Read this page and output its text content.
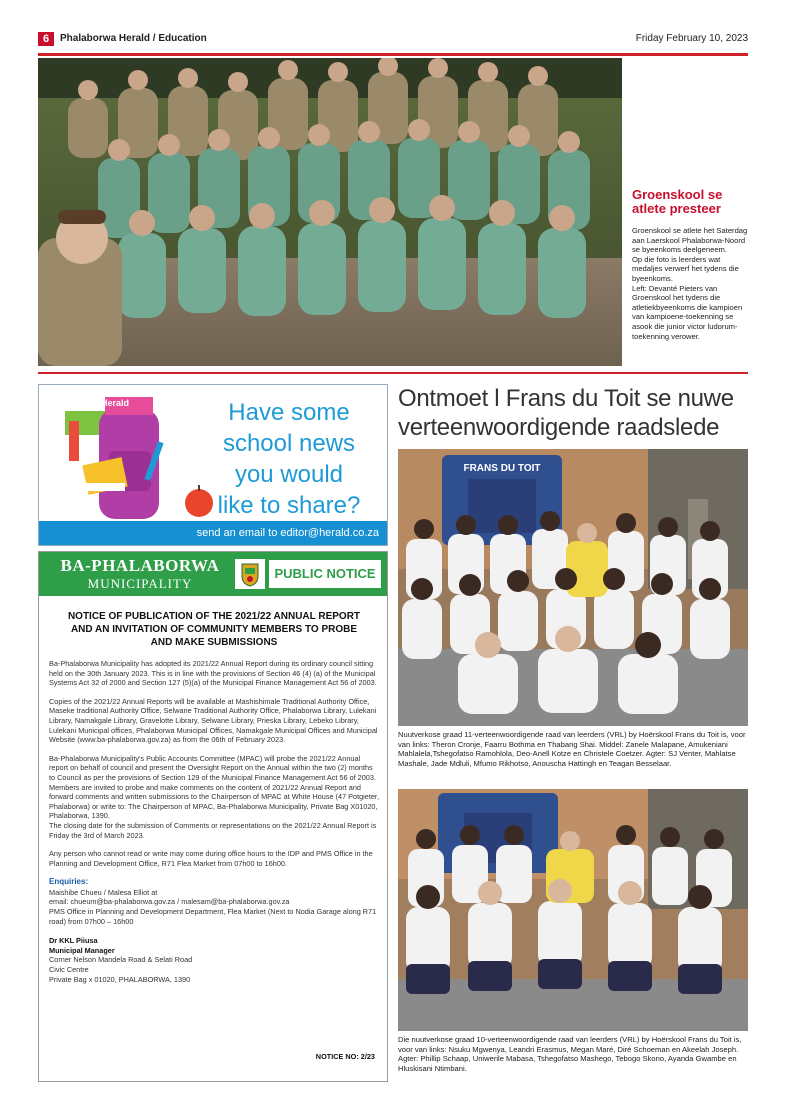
6	Phalaborwa Herald / Education	Friday February 10, 2023
Groenskool se
atlete presteer

Groenskool se atlete het Saterdag aan Laerskool Phalaborwa-Noord se byeenkoms deelgeneem.
Op die foto is leerders wat medaljes verwerf het tydens die byeenkoms.
Left: Devanté Pieters van Groenskool het tydens die atletiekbyeenkoms die kampioen van kampioene-toekenning se asook die junior victor ludorum-toekenning verower.

Herald	Have some
school news
you would
like to share?
send an email to editor@herald.co.za
BA-PHALABORWA
MUNICIPALITY
PUBLIC NOTICE
NOTICE OF PUBLICATION OF THE 2021/22 ANNUAL REPORT
AND AN INVITATION OF COMMUNITY MEMBERS TO PROBE
AND MAKE SUBMISSIONS

Ba-Phalaborwa Municipality has adopted its 2021/22 Annual Report during its ordinary council sitting held on the 30th January 2023. This is in line with the provisions of Section 46 (4) (a) of the Municipal Systems Act 32 of 2000 and Section 127 (5)(a) of the Municipal Finance Management Act 56 of 2003.

Copies of the 2021/22 Annual Reports will be available at Mashishimale Traditional Authority Office, Maseke traditional Authority Office, Selwane Traditional Authority Office, Phalaborwa Library, Lulekani Library, Namakgale Library, Gravelotte Library, Selwane Library, Prieska Library, Lebeko Library, Lulekani Municipal offices, Phalaborwa Municipal Offices, Namakgale Municipal Offices and Municipal Website (www.ba-phalaborwa.gov.za) as from the 06th of February 2023.

Ba-Phalaborwa Municipality's Public Accounts Committee (MPAC) will probe the 2021/22 Annual report on behalf of council and present the Oversight Report on the Annual within the two (2) months to Council as per the provisions of Section 129 of the Municipal Finance Management Act 56 of 2003.

Members are invited to probe and make comments on the content of 2021/22 Annual Report and forward comments and written submissions to the Chairperson of MPAC at White House (47 Potgieter, Phalaborwa) or write to: The Chairperson of MPAC, Ba-Phalaborwa Municipality, Private Bag X01020, Phalaborwa, 1390.

The closing date for the submission of Comments or representations on the 2021/22 Annual Report is Friday the 3rd of March 2023.

Any person who cannot read or write may come during office hours to the IDP and PMS Office in the Planning and Development Office, R71 Flea Market from 07h00 to 16h00.

Enquiries:
Maishibe Chueu / Malesa Elliot at
email: chueum@ba-phalaborwa.gov.za / malesam@ba-phalaborwa.gov.za
PMS Office in Planning and Development Department, Flea Market (Next to Nodia Garage along R71 road) from 07h00 – 16h00
Dr KKL Piiusa
Municipal Manager
Corner Nelson Mandela Road & Selati Road
Civic Centre
Private Bag x 01020, PHALABORWA, 1390
NOTICE NO: 2/23
Ontmoet l Frans du Toit se nuwe
verteenwoordigende raadslede
FRANS DU TOIT
Nuutverkose graad 11-verteenwoordigende raad van leerders (VRL) by Hoërskool Frans du Toit is, voor van links: Theron Cronje, Faarru Bothma en Thabang Shai. Middel: Zanele Malapane, Amukeniani Mahlalela,Tshegofatso Ramohlola, Deo-Anell Kotze en Christele Coetzer. Agter: SJ Venter, Mahlatse Mashale, Jade Mdluli, Mfumo Rikhotso, Anouscha Hattingh en Teagan Besselaar.
Die nuutverkose graad 10-verteenwoordigende raad van leerders (VRL) by Hoërskool Frans du Toit is, voor van links: Nsuku Mgwenya, Leandri Erasmus, Megan Maré, Diré Schoeman en Akeelah Joseph. Agter: Phillip Schaap, Uniwerile Mabasa, Tshegofatso Mashego, Tebogo Skono, Ayanda Gwambe en Hluskisani Ntimbani.
